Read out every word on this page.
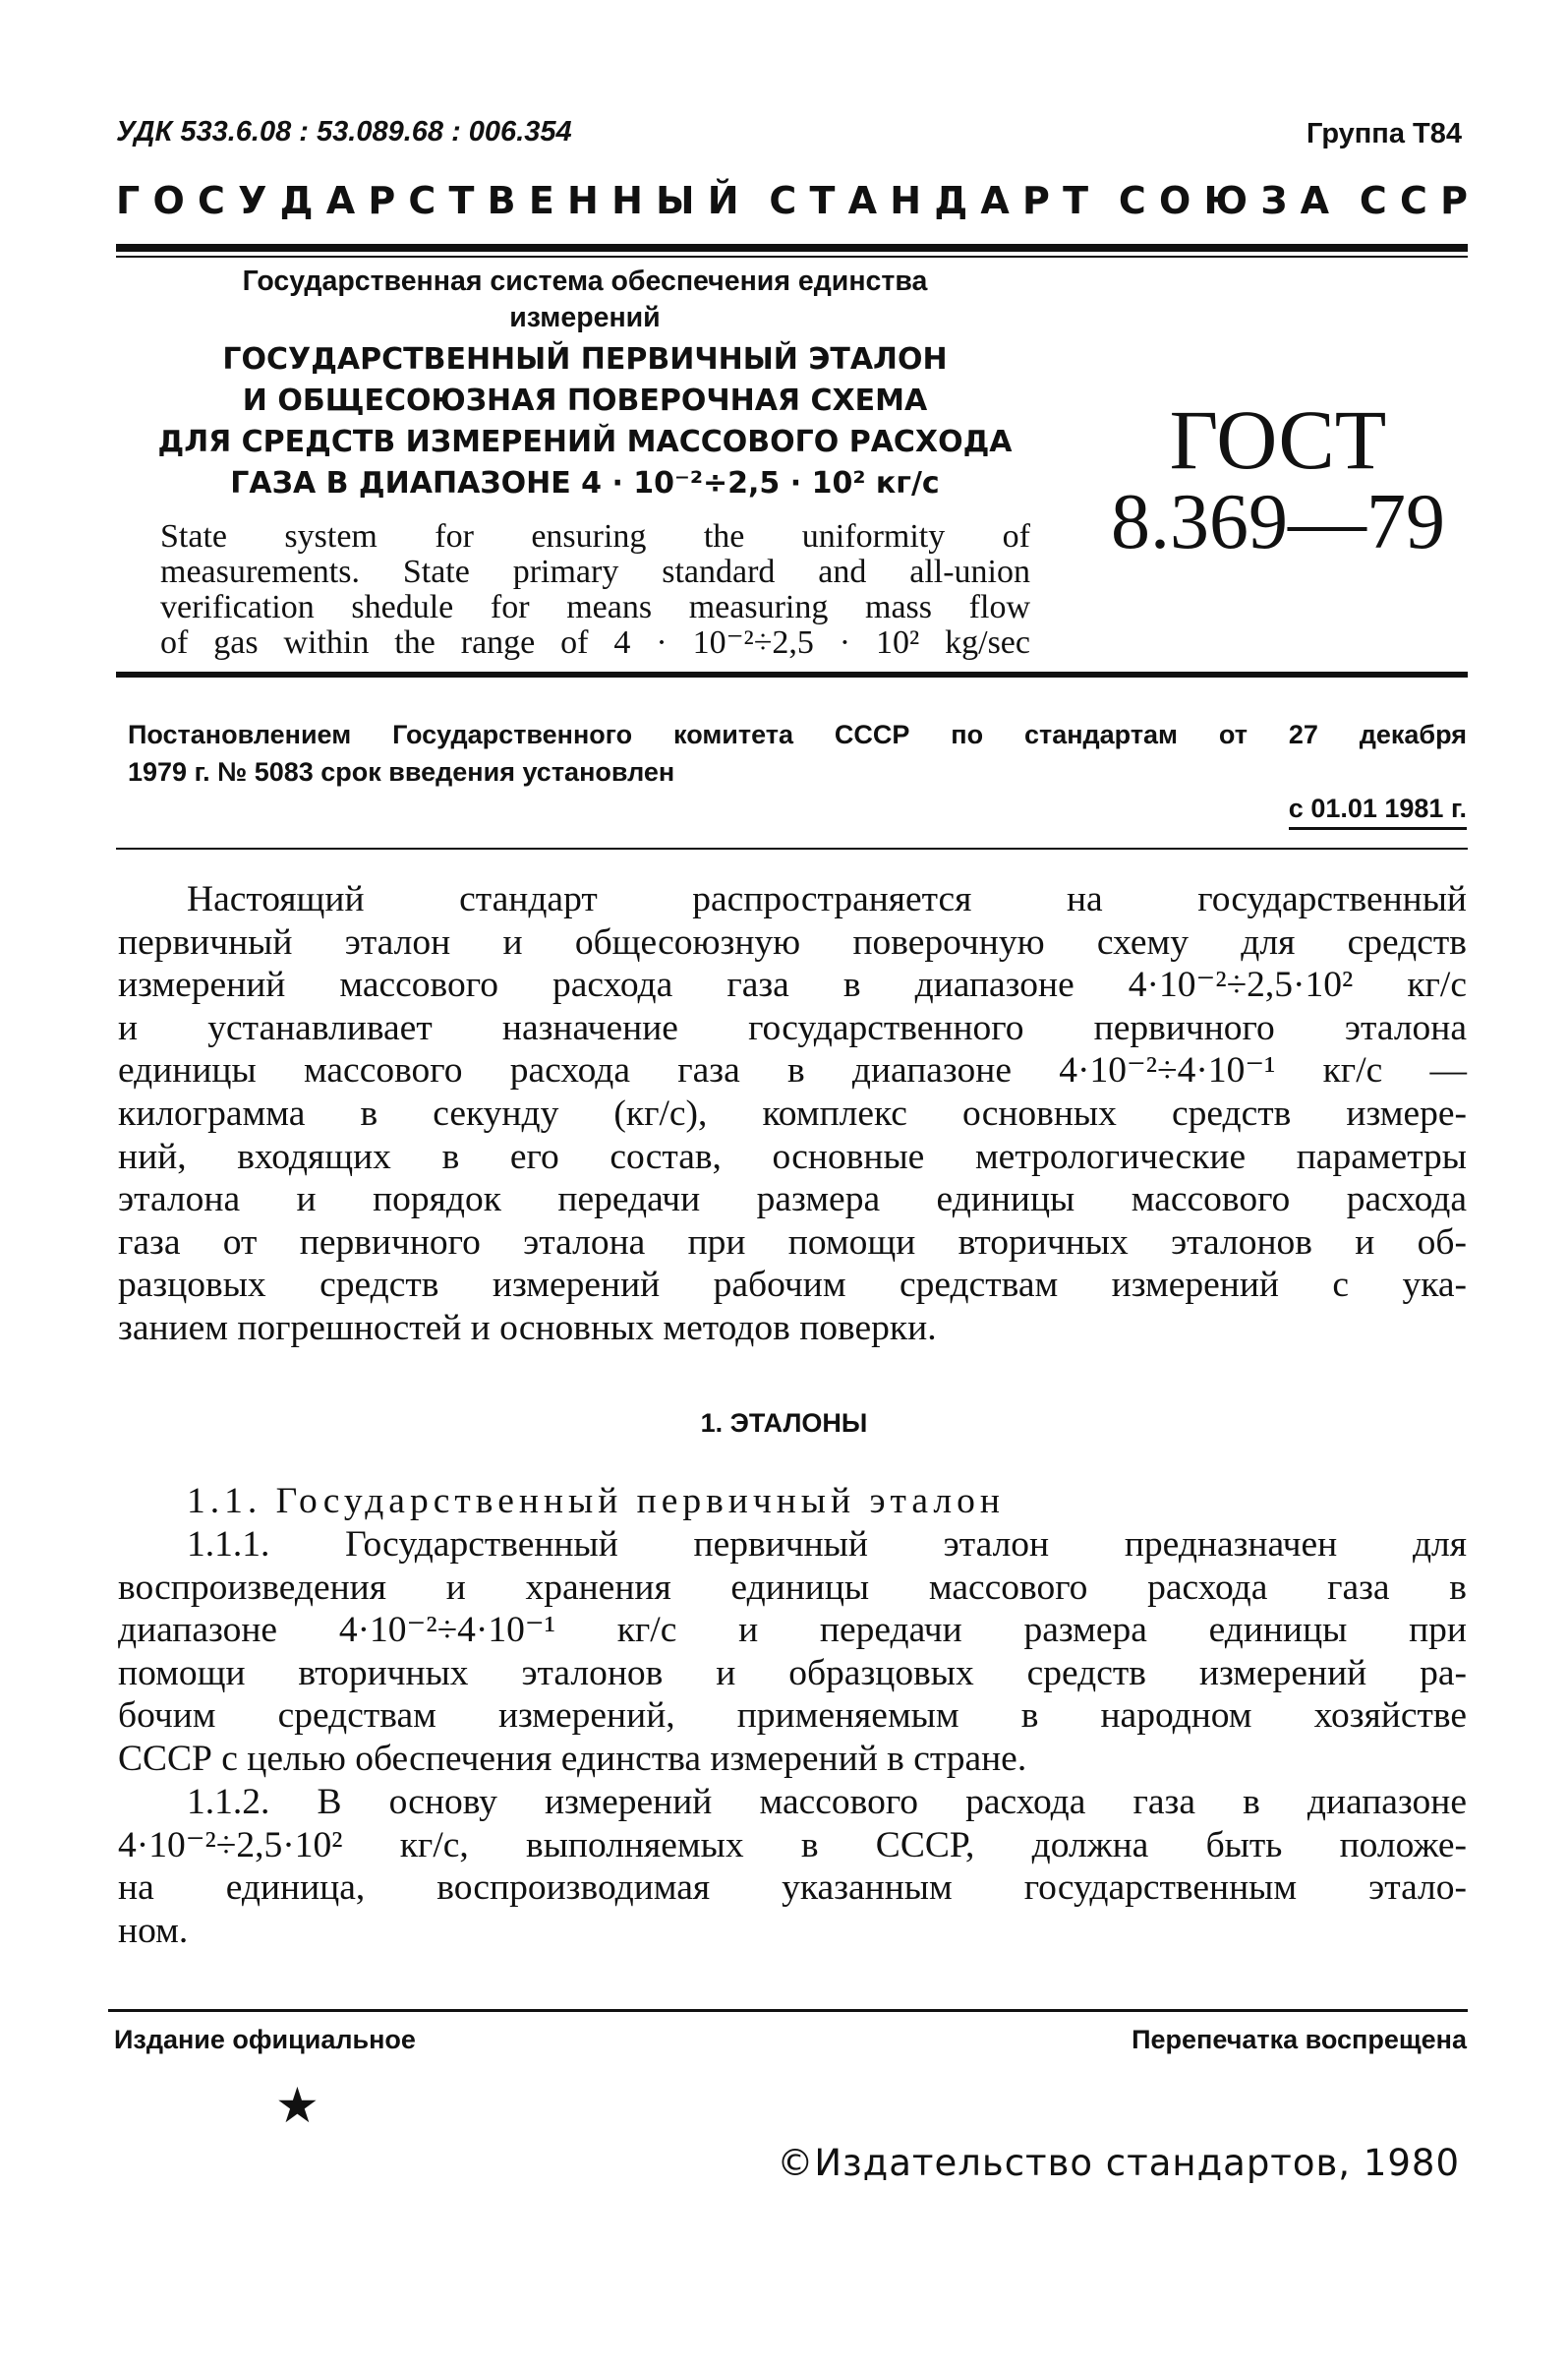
УДК 533.6.08 : 53.089.68 : 006.354	Группа Т84
Г О С У Д А Р С Т В Е Н Н Ы Й С Т А Н Д А Р Т С О Ю З А С С Р
Государственная система обеспечения единства
измерений
ГОСУДАРСТВЕННЫЙ ПЕРВИЧНЫЙ ЭТАЛОН
И ОБЩЕСОЮЗНАЯ ПОВЕРОЧНАЯ СХЕМА
ДЛЯ СРЕДСТВ ИЗМЕРЕНИЙ МАССОВОГО РАСХОДА
ГАЗА В ДИАПАЗОНЕ 4 · 10⁻²÷2,5 · 10² кг/с
State system for ensuring the uniformity of
measurements. State primary standard and all-union
verification shedule for means measuring mass flow
of gas within the range of 4 · 10⁻²÷2,5 · 10² kg/sec
ГОСТ
8.369—79
Постановлением Государственного комитета СССР по стандартам от 27 декабря
1979 г. № 5083 срок введения установлен
с 01.01 1981 г.
Настоящий стандарт распространяется на государственный
первичный эталон и общесоюзную поверочную схему для средств
измерений массового расхода газа в диапазоне 4·10⁻²÷2,5·10² кг/с
и устанавливает назначение государственного первичного эталона
единицы массового расхода газа в диапазоне 4·10⁻²÷4·10⁻¹ кг/с —
килограмма в секунду (кг/с), комплекс основных средств измере-
ний, входящих в его состав, основные метрологические параметры
эталона и порядок передачи размера единицы массового расхода
газа от первичного эталона при помощи вторичных эталонов и об-
разцовых средств измерений рабочим средствам измерений с ука-
занием погрешностей и основных методов поверки.
1. ЭТАЛОНЫ
1.1. Государственный первичный эталон
1.1.1. Государственный первичный эталон предназначен для
воспроизведения и хранения единицы массового расхода газа в
диапазоне 4·10⁻²÷4·10⁻¹ кг/с и передачи размера единицы при
помощи вторичных эталонов и образцовых средств измерений ра-
бочим средствам измерений, применяемым в народном хозяйстве
СССР с целью обеспечения единства измерений в стране.
1.1.2. В основу измерений массового расхода газа в диапазоне
4·10⁻²÷2,5·10² кг/с, выполняемых в СССР, должна быть положе-
на единица, воспроизводимая указанным государственным этало-
ном.
Издание официальное	Перепечатка воспрещена
★
©Издательство стандартов, 1980
